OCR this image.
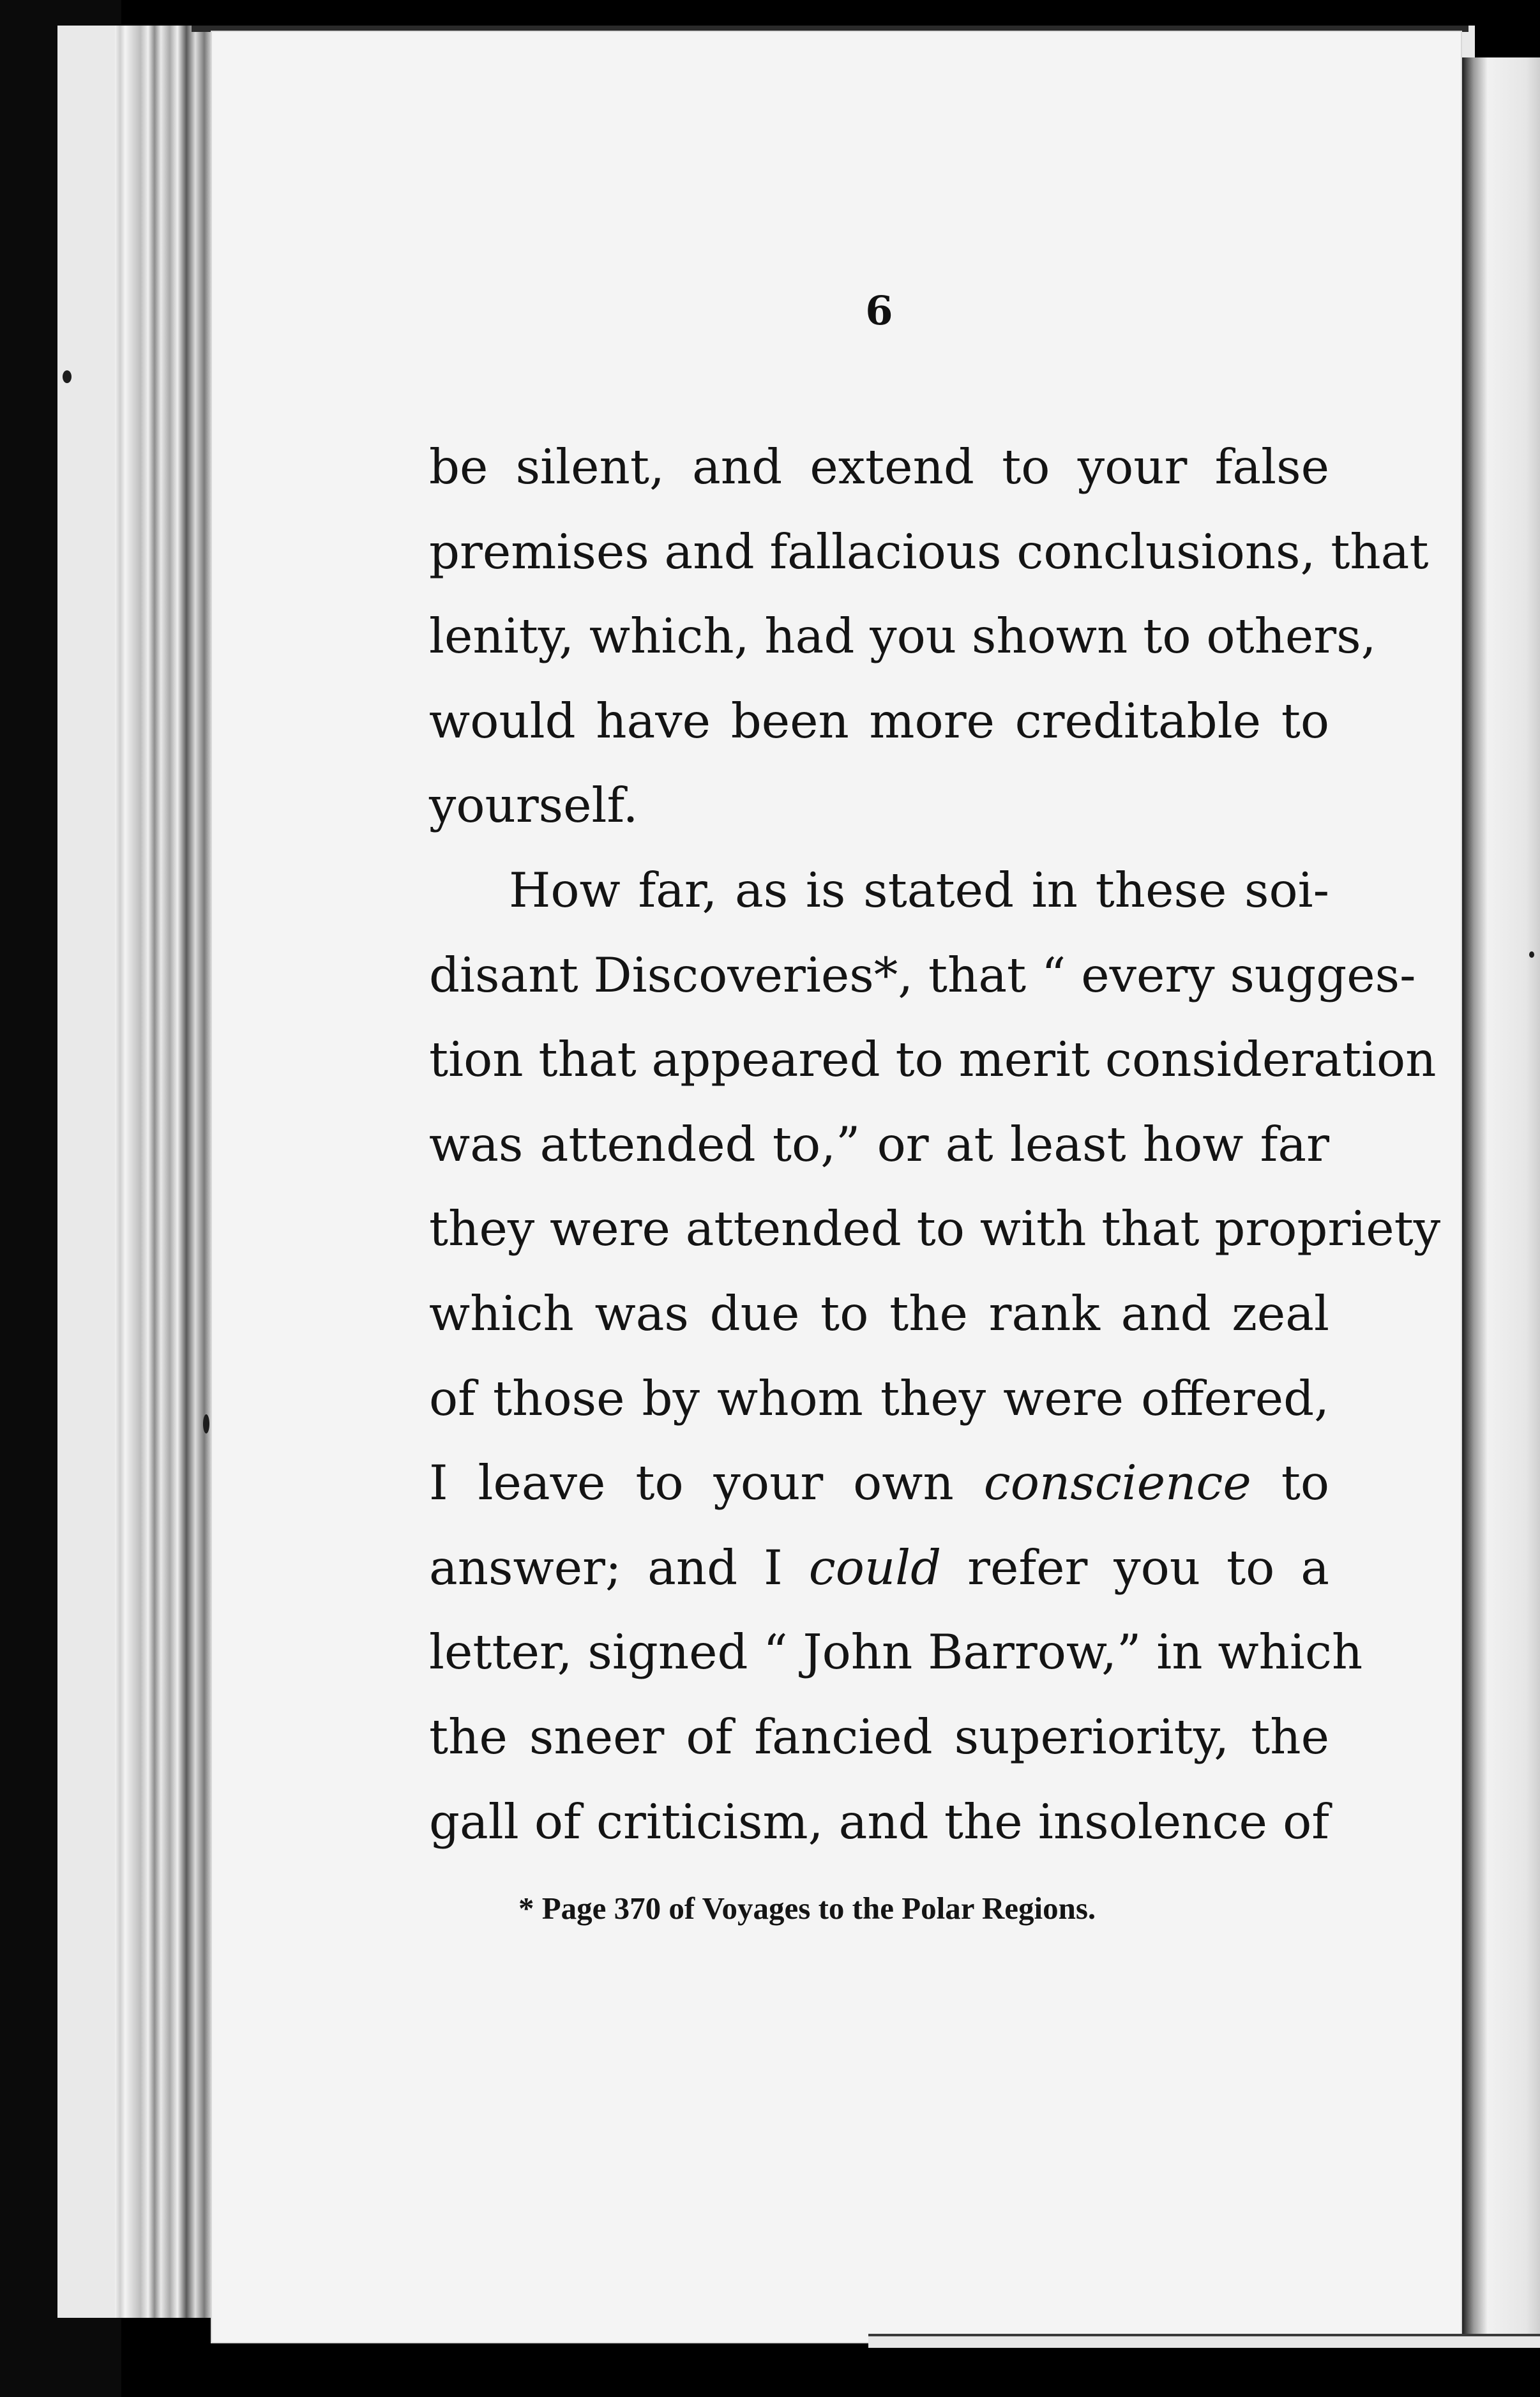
6
be silent, and extend to your false
premises and fallacious conclusions, that
lenity, which, had you shown to others,
would have been more creditable to
yourself.
How far, as is stated in these soi-
disant Discoveries*, that “ every sugges-
tion that appeared to merit consideration
was attended to,” or at least how far
they were attended to with that propriety
which was due to the rank and zeal
of those by whom they were offered,
I leave to your own conscience to
answer; and I could refer you to a
letter, signed “ John Barrow,” in which
the sneer of fancied superiority, the
gall of criticism, and the insolence of
* Page 370 of Voyages to the Polar Regions.
